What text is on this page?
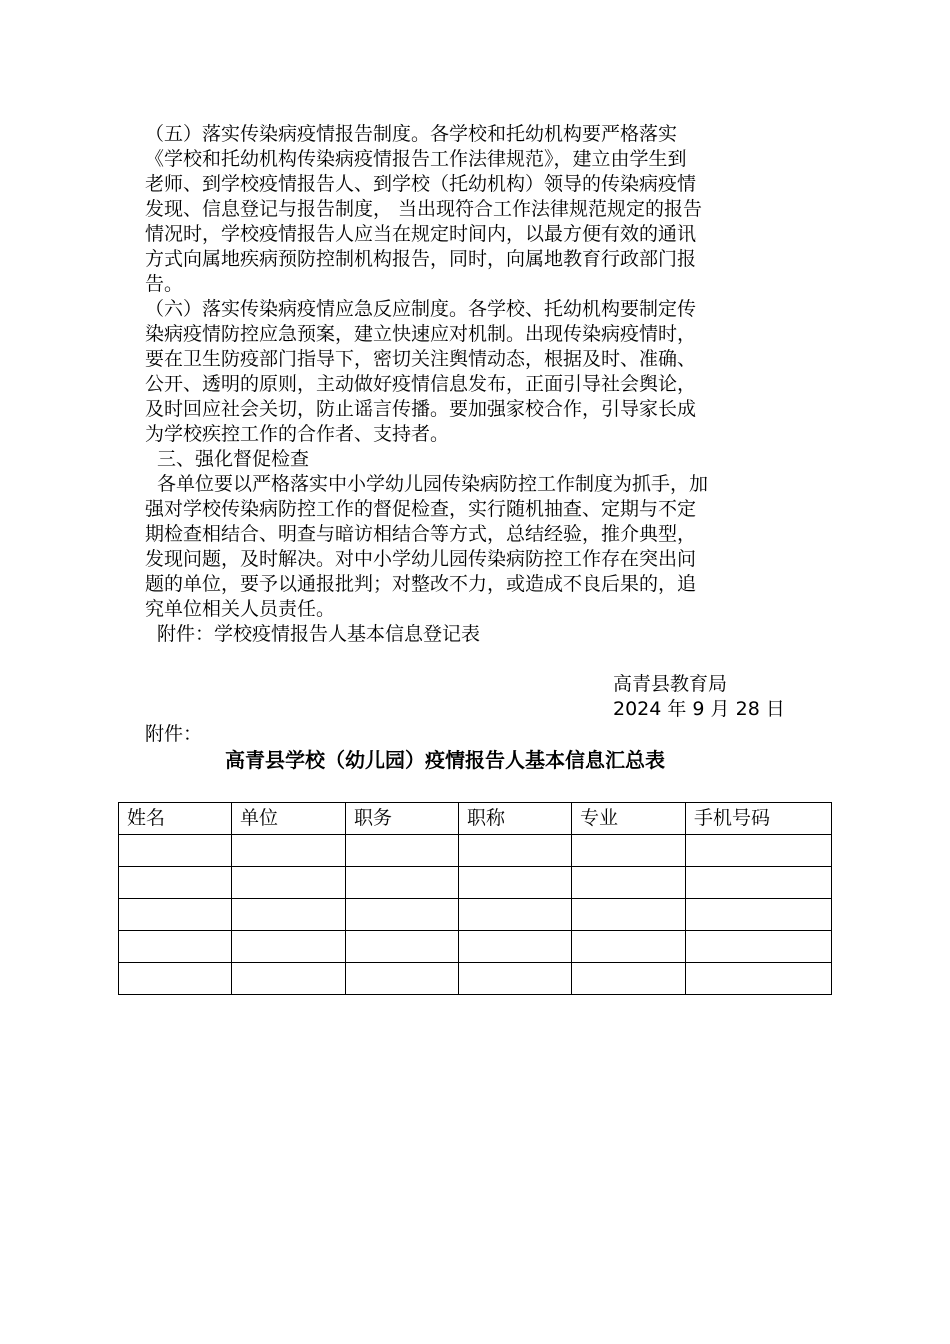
（五）落实传染病疫情报告制度。各学校和托幼机构要严格落实
《学校和托幼机构传染病疫情报告工作法律规范》，建立由学生到
老师、到学校疫情报告人、到学校（托幼机构）领导的传染病疫情
发现、信息登记与报告制度， 当出现符合工作法律规范规定的报告
情况时，学校疫情报告人应当在规定时间内，以最方便有效的通讯
方式向属地疾病预防控制机构报告，同时，向属地教育行政部门报
告。
（六）落实传染病疫情应急反应制度。各学校、托幼机构要制定传
染病疫情防控应急预案，建立快速应对机制。出现传染病疫情时，
要在卫生防疫部门指导下，密切关注舆情动态，根据及时、准确、
公开、透明的原则，主动做好疫情信息发布，正面引导社会舆论，
及时回应社会关切，防止谣言传播。要加强家校合作，引导家长成
为学校疾控工作的合作者、支持者。
三、强化督促检查
各单位要以严格落实中小学幼儿园传染病防控工作制度为抓手，加
强对学校传染病防控工作的督促检查，实行随机抽查、定期与不定
期检查相结合、明查与暗访相结合等方式，总结经验，推介典型，
发现问题，及时解决。对中小学幼儿园传染病防控工作存在突出问
题的单位，要予以通报批判；对整改不力，或造成不良后果的，追
究单位相关人员责任。
附件：学校疫情报告人基本信息登记表
高青县教育局
2024 年 9 月 28 日
附件：
高青县学校（幼儿园）疫情报告人基本信息汇总表
姓名	单位	职务	职称	专业	手机号码
